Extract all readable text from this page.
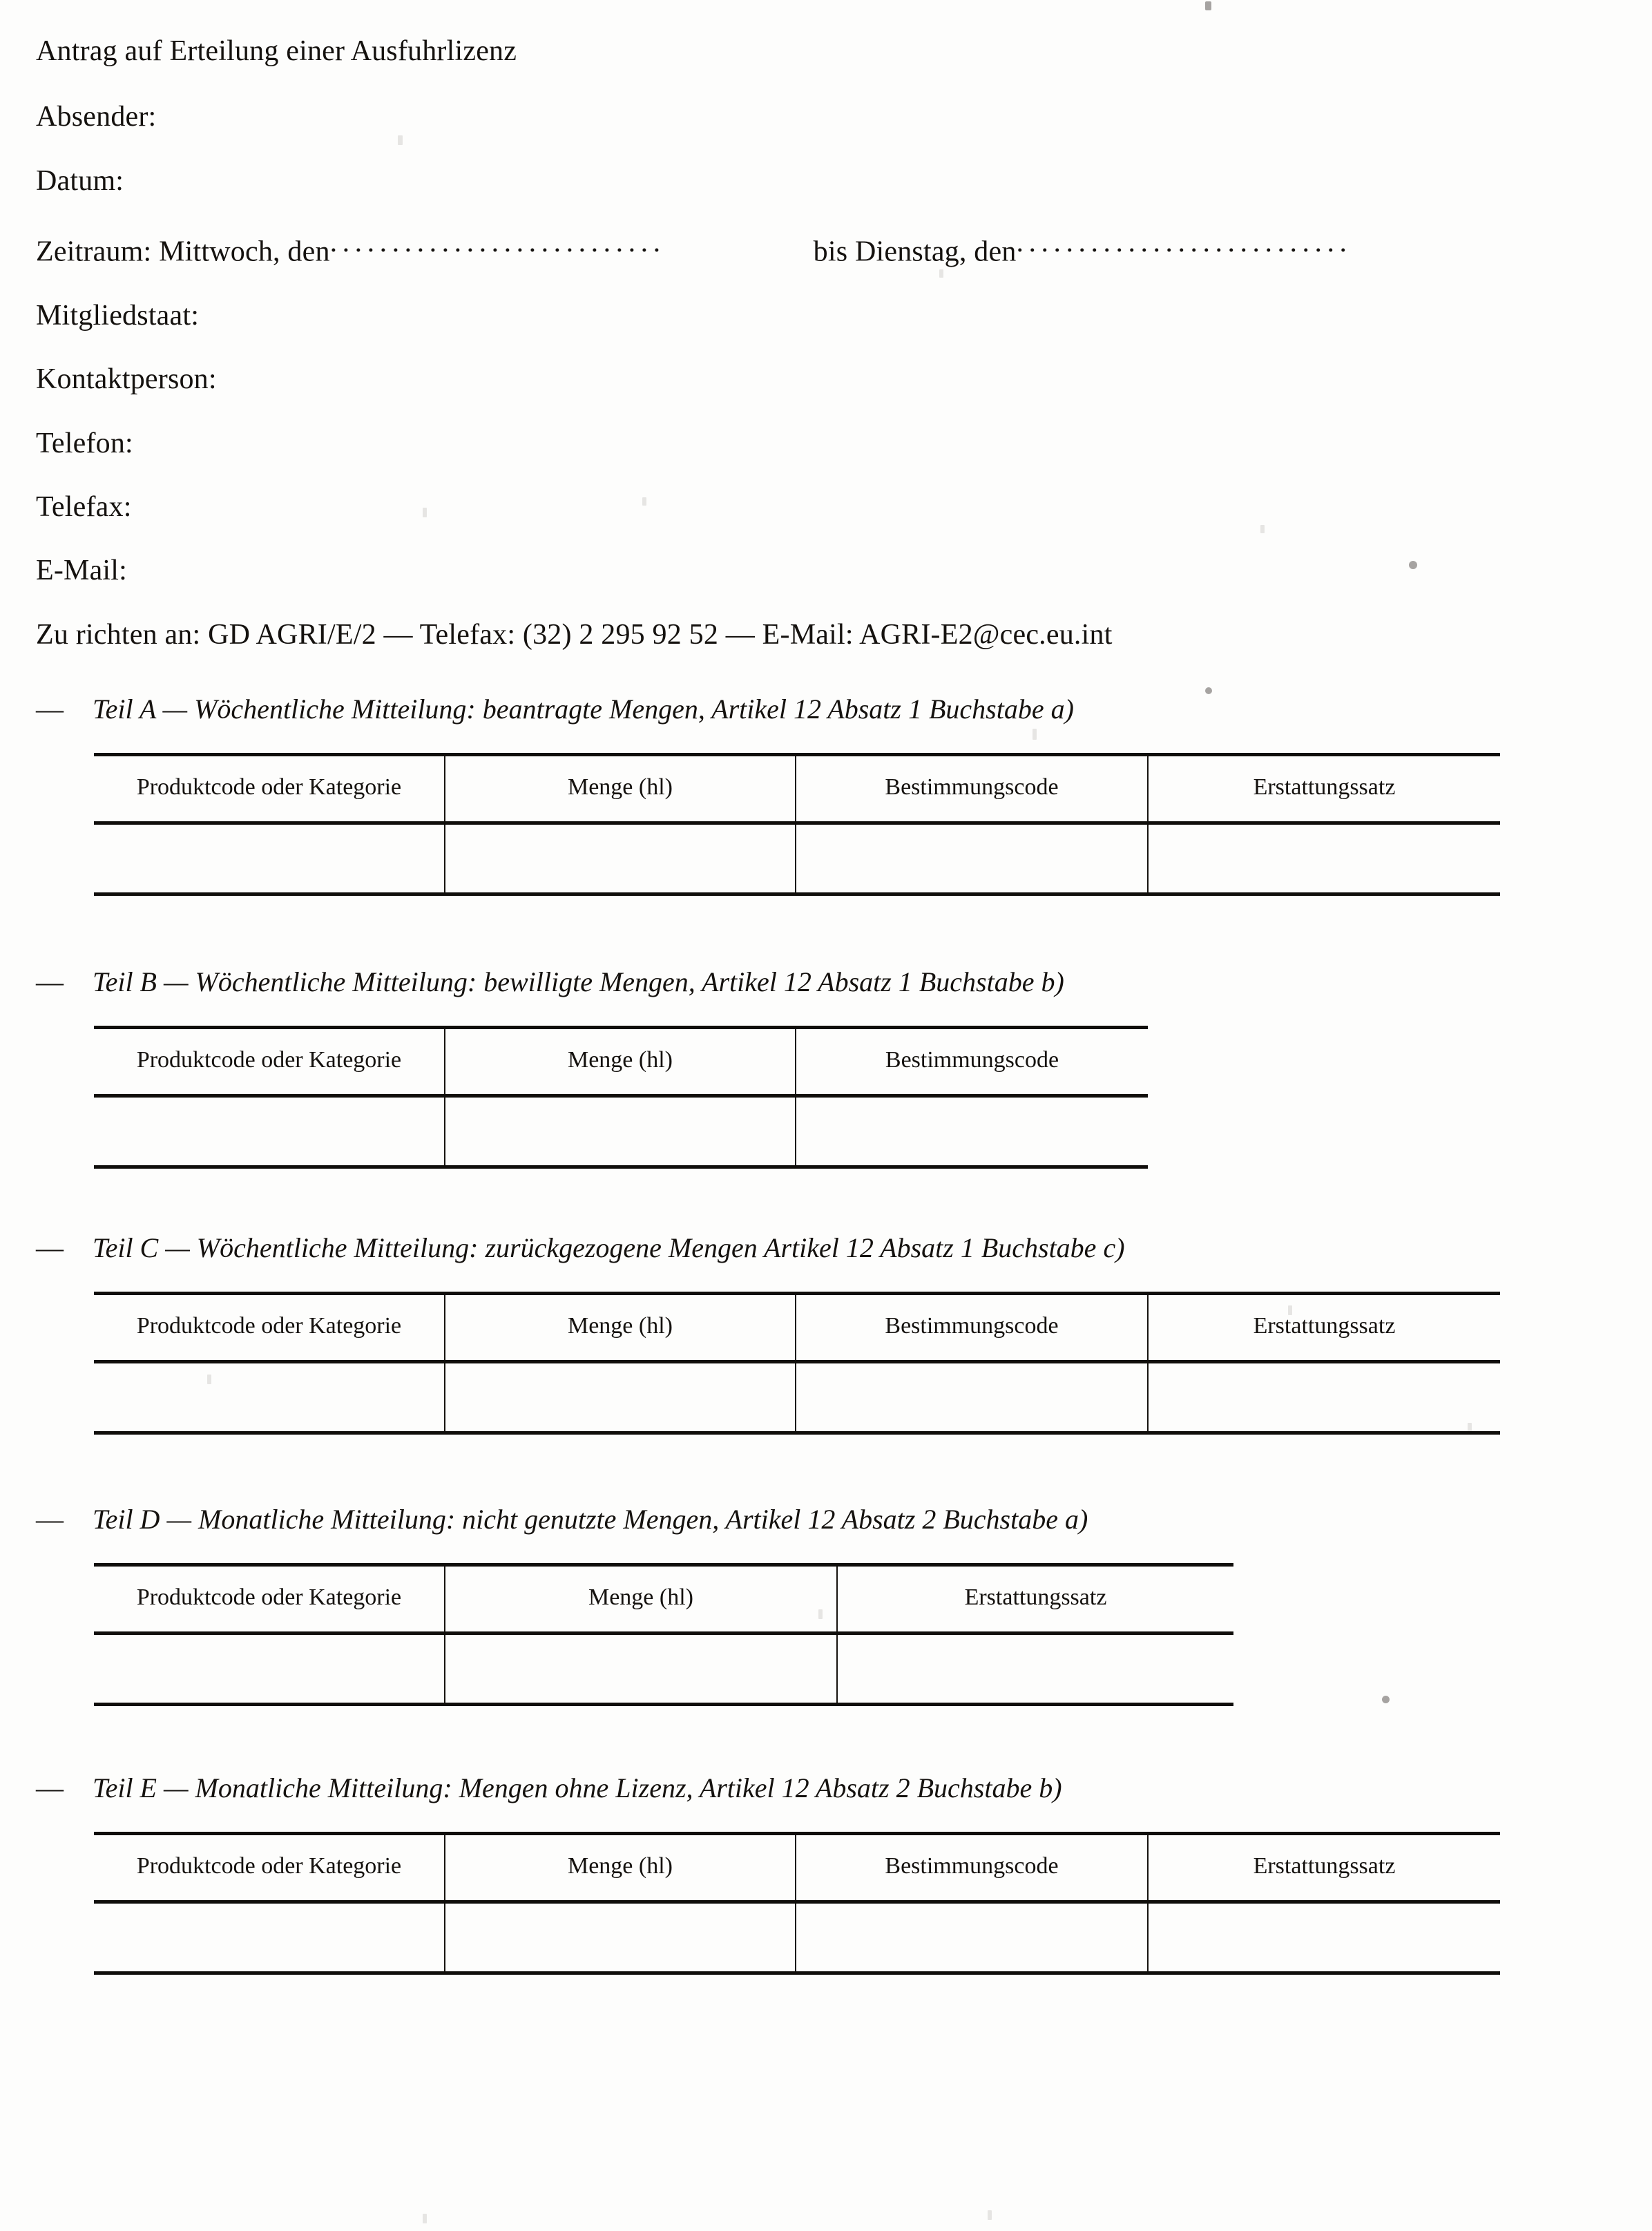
Antrag auf Erteilung einer Ausfuhrlizenz

Absender:

Datum:

Zeitraum: Mittwoch, den...........................	bis Dienstag, den...........................

Mitgliedstaat:

Kontaktperson:

Telefon:

Telefax:

E-Mail:

Zu richten an: GD AGRI/E/2 — Telefax: (32) 2 295 92 52 — E-Mail: AGRI-E2@cec.eu.int

—	Teil A — Wöchentliche Mitteilung: beantragte Mengen, Artikel 12 Absatz 1 Buchstabe a)
Produktcode oder Kategorie	Menge (hl)	Bestimmungscode	Erstattungssatz

—	Teil B — Wöchentliche Mitteilung: bewilligte Mengen, Artikel 12 Absatz 1 Buchstabe b)
Produktcode oder Kategorie	Menge (hl)	Bestimmungscode

—	Teil C — Wöchentliche Mitteilung: zurückgezogene Mengen Artikel 12 Absatz 1 Buchstabe c)
Produktcode oder Kategorie	Menge (hl)	Bestimmungscode	Erstattungssatz

—	Teil D — Monatliche Mitteilung: nicht genutzte Mengen, Artikel 12 Absatz 2 Buchstabe a)
Produktcode oder Kategorie	Menge (hl)	Erstattungssatz

—	Teil E — Monatliche Mitteilung: Mengen ohne Lizenz, Artikel 12 Absatz 2 Buchstabe b)
Produktcode oder Kategorie	Menge (hl)	Bestimmungscode	Erstattungssatz
